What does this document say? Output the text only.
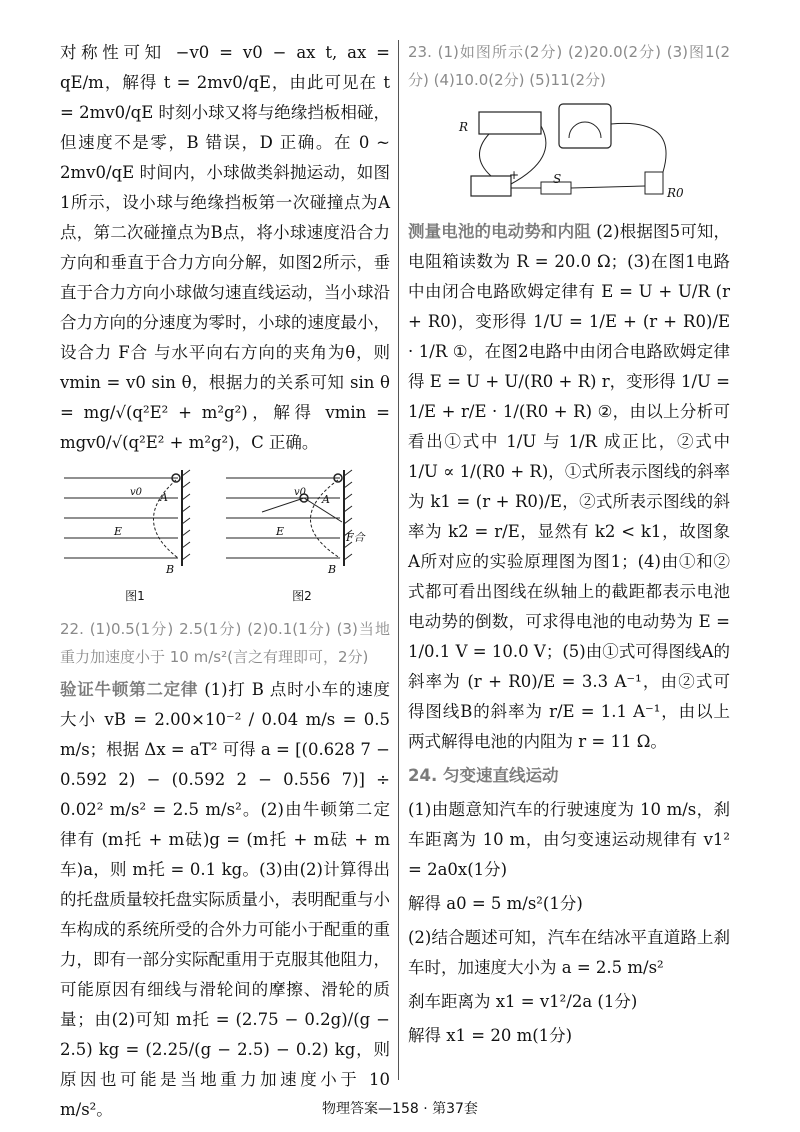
对称性可知 −v0 = v0 − ax t, ax = qE/m，解得 t = 2mv0/qE，由此可见在 t = 2mv0/qE 时刻小球又将与绝缘挡板相碰，但速度不是零，B 错误，D 正确。在 0 ~ 2mv0/qE 时间内，小球做类斜抛运动，如图1所示，设小球与绝缘挡板第一次碰撞点为A点，第二次碰撞点为B点，将小球速度沿合力方向和垂直于合力方向分解，如图2所示，垂直于合力方向小球做匀速直线运动，当小球沿合力方向的分速度为零时，小球的速度最小，设合力 F合 与水平向右方向的夹角为θ，则 vmin = v0 sin θ，根据力的关系可知 sin θ = mg/√(q²E² + m²g²)，解得 vmin = mgv0/√(q²E² + m²g²)，C 正确。

v0 A
E
B
图1
v0
A
E	F合
B
图2

22. (1)0.5(1分) 2.5(1分) (2)0.1(1分) (3)当地重力加速度小于 10 m/s²(言之有理即可，2分)

验证牛顿第二定律 (1)打 B 点时小车的速度大小 vB = 2.00×10⁻² / 0.04 m/s = 0.5 m/s；根据 Δx = aT² 可得 a = [(0.628 7 − 0.592 2) − (0.592 2 − 0.556 7)] ÷ 0.02² m/s² = 2.5 m/s²。(2)由牛顿第二定律有 (m托 + m砝)g = (m托 + m砝 + m车)a，则 m托 = 0.1 kg。(3)由(2)计算得出的托盘质量较托盘实际质量小，表明配重与小车构成的系统所受的合外力可能小于配重的重力，即有一部分实际配重用于克服其他阻力，可能原因有细线与滑轮间的摩擦、滑轮的质量；由(2)可知 m托 = (2.75 − 0.2g)/(g − 2.5) kg = (2.25/(g − 2.5) − 0.2) kg，则原因也可能是当地重力加速度小于 10 m/s²。

23. (1)如图所示(2分) (2)20.0(2分) (3)图1(2分) (4)10.0(2分) (5)11(2分)

R
R0
S
+

测量电池的电动势和内阻 (2)根据图5可知，电阻箱读数为 R = 20.0 Ω；(3)在图1电路中由闭合电路欧姆定律有 E = U + U/R (r + R0)，变形得 1/U = 1/E + (r + R0)/E · 1/R ①，在图2电路中由闭合电路欧姆定律得 E = U + U/(R0 + R) r，变形得 1/U = 1/E + r/E · 1/(R0 + R) ②，由以上分析可看出①式中 1/U 与 1/R 成正比，②式中 1/U ∝ 1/(R0 + R)，①式所表示图线的斜率为 k1 = (r + R0)/E，②式所表示图线的斜率为 k2 = r/E，显然有 k2 < k1，故图象A所对应的实验原理图为图1；(4)由①和②式都可看出图线在纵轴上的截距都表示电池电动势的倒数，可求得电池的电动势为 E = 1/0.1 V = 10.0 V；(5)由①式可得图线A的斜率为 (r + R0)/E = 3.3 A⁻¹，由②式可得图线B的斜率为 r/E = 1.1 A⁻¹，由以上两式解得电池的内阻为 r = 11 Ω。

24. 匀变速直线运动

(1)由题意知汽车的行驶速度为 10 m/s，刹车距离为 10 m，由匀变速运动规律有 v1² = 2a0x(1分)

解得 a0 = 5 m/s²(1分)

(2)结合题述可知，汽车在结冰平直道路上刹车时，加速度大小为 a = 2.5 m/s²

刹车距离为 x1 = v1²/2a (1分)

解得 x1 = 20 m(1分)

物理答案—158 · 第37套
